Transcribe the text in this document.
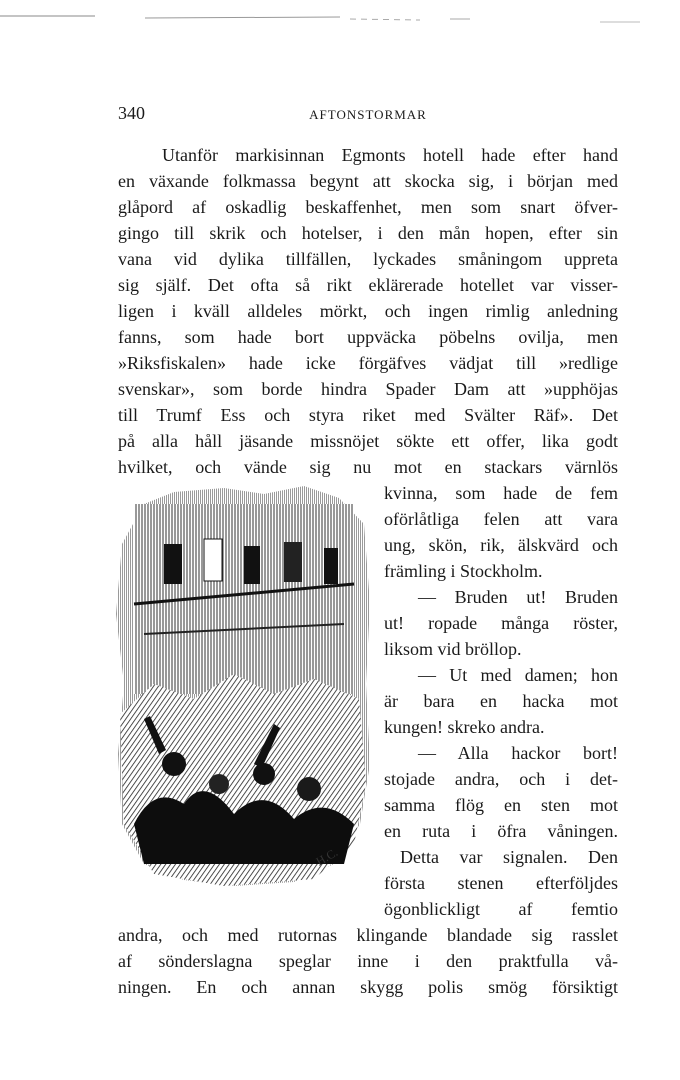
340	AFTONSTORMAR
Utanför markisinnan Egmonts hotell hade efter hand
en växande folkmassa begynt att skocka sig, i början med
glåpord af oskadlig beskaffenhet, men som snart öfver-
gingo till skrik och hotelser, i den mån hopen, efter sin
vana vid dylika tillfällen, lyckades småningom uppreta
sig själf. Det ofta så rikt eklärerade hotellet var visser-
ligen i kväll alldeles mörkt, och ingen rimlig anledning
fanns, som hade bort uppväcka pöbelns ovilja, men
»Riksfiskalen» hade icke förgäfves vädjat till »redlige
svenskar», som borde hindra Spader Dam att »upphöjas
till Trumf Ess och styra riket med Svälter Räf». Det
på alla håll jäsande missnöjet sökte ett offer, lika godt
hvilket, och vände sig nu mot en stackars värnlös
kvinna, som hade de fem
oförlåtliga felen att vara
ung, skön, rik, älskvärd och
främling i Stockholm.
— Bruden ut! Bruden
ut! ropade många röster,
liksom vid bröllop.
— Ut med damen; hon
är bara en hacka mot
kungen! skreko andra.
— Alla hackor bort!
stojade andra, och i det-
samma flög en sten mot
en ruta i öfra våningen.
Detta var signalen. Den
första stenen efterföljdes
ögonblickligt af femtio
andra, och med rutornas klingande blandade sig rasslet
af sönderslagna speglar inne i den praktfulla vå-
ningen. En och annan skygg polis smög försiktigt
H.C.
